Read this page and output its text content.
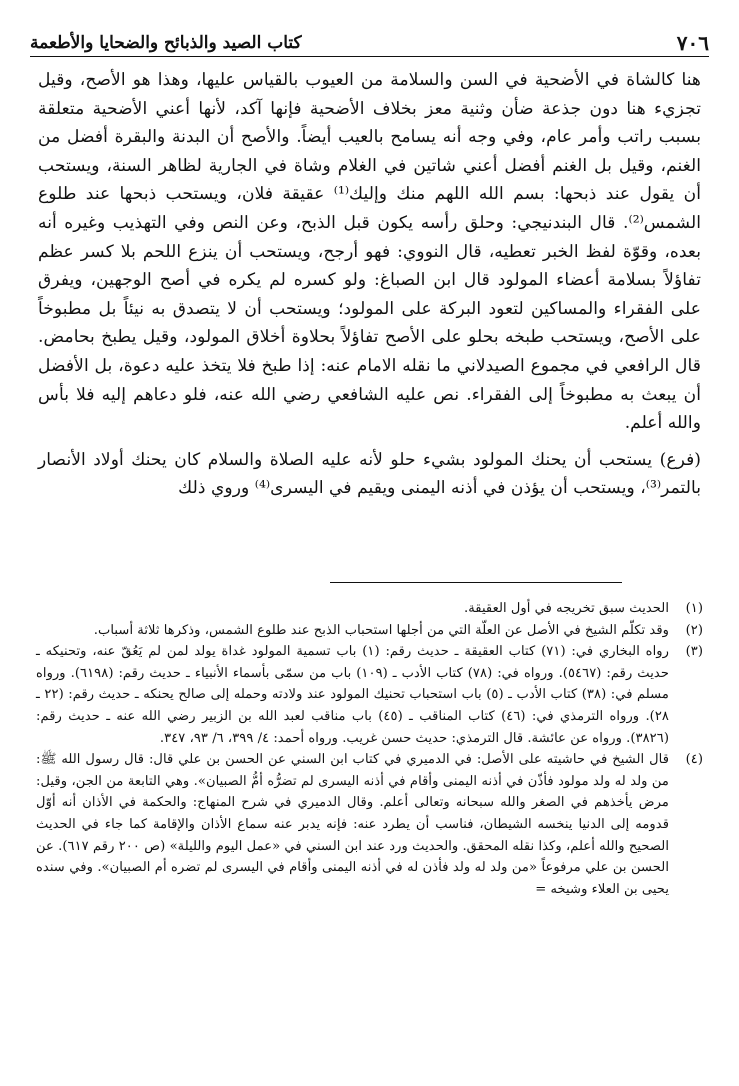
٧٠٦
كتاب الصيد والذبائح والضحايا والأطعمة

هنا كالشاة في الأضحية في السن والسلامة من العيوب بالقياس عليها، وهذا هو الأصح، وقيل تجزيء هنا دون جذعة ضأن وثنية معز بخلاف الأضحية فإنها آكد، لأنها أعني الأضحية متعلقة بسبب راتب وأمر عام، وفي وجه أنه يسامح بالعيب أيضاً. والأصح أن البدنة والبقرة أفضل من الغنم، وقيل بل الغنم أفضل أعني شاتين في الغلام وشاة في الجارية لظاهر السنة، ويستحب أن يقول عند ذبحها: بسم الله اللهم منك وإليك⁽¹⁾ عقيقة فلان، ويستحب ذبحها عند طلوع الشمس⁽²⁾. قال البندنيجي: وحلق رأسه يكون قبل الذبح، وعن النص وفي التهذيب وغيره أنه بعده، وقوّة لفظ الخبر تعطيه، قال النووي: فهو أرجح، ويستحب أن ينزع اللحم بلا كسر عظم تفاؤلاً بسلامة أعضاء المولود قال ابن الصباغ: ولو كسره لم يكره في أصح الوجهين، ويفرق على الفقراء والمساكين لتعود البركة على المولود؛ ويستحب أن لا يتصدق به نيئاً بل مطبوخاً على الأصح، ويستحب طبخه بحلو على الأصح تفاؤلاً بحلاوة أخلاق المولود، وقيل يطبخ بحامض. قال الرافعي في مجموع الصيدلاني ما نقله الامام عنه: إذا طبخ فلا يتخذ عليه دعوة، بل الأفضل أن يبعث به مطبوخاً إلى الفقراء. نص عليه الشافعي رضي الله عنه، فلو دعاهم إليه فلا بأس والله أعلم.

(فرع) يستحب أن يحنك المولود بشيء حلو لأنه عليه الصلاة والسلام كان يحنك أولاد الأنصار بالتمر⁽³⁾، ويستحب أن يؤذن في أذنه اليمنى ويقيم في اليسرى⁽⁴⁾ وروي ذلك

(١)
الحديث سبق تخريجه في أول العقيقة.
(٢)
وقد تكلّم الشيخ في الأصل عن العلّة التي من أجلها استحباب الذبح عند طلوع الشمس، وذكرها ثلاثة أسباب.
(٣)
رواه البخاري في: (٧١) كتاب العقيقة ـ حديث رقم: (١) باب تسمية المولود غداة يولد لمن لم يَعُقّ عنه، وتحنيكه ـ حديث رقم: (٥٤٦٧). ورواه في: (٧٨) كتاب الأدب ـ (١٠٩) باب من سمّى بأسماء الأنبياء ـ حديث رقم: (٦١٩٨). ورواه مسلم في: (٣٨) كتاب الأدب ـ (٥) باب استحباب تحنيك المولود عند ولادته وحمله إلى صالح يحنكه ـ حديث رقم: (٢٢ ـ ٢٨). ورواه الترمذي في: (٤٦) كتاب المناقب ـ (٤٥) باب مناقب لعبد الله بن الزبير رضي الله عنه ـ حديث رقم: (٣٨٢٦). ورواه عن عائشة. قال الترمذي: حديث حسن غريب. ورواه أحمد: ٤/ ٣٩٩، ٦/ ٩٣، ٣٤٧.
(٤)
قال الشيخ في حاشيته على الأصل: في الدميري في كتاب ابن السني عن الحسن بن علي قال: قال رسول الله ﷺ: من ولد له ولد مولود فأذّن في أذنه اليمنى وأقام في أذنه اليسرى لم تضرُّه أمُّ الصبيان». وهي التابعة من الجن، وقيل: مرض يأخذهم في الصغر والله سبحانه وتعالى أعلم. وقال الدميري في شرح المنهاج: والحكمة في الأذان أنه أوّل قدومه إلى الدنيا ينخسه الشيطان، فناسب أن يطرد عنه: فإنه يدبر عنه سماع الأذان والإقامة كما جاء في الحديث الصحيح والله أعلم، وكذا نقله المحقق. والحديث ورد عند ابن السني في «عمل اليوم والليلة» (ص ٢٠٠ رقم ٦١٧). عن الحسن بن علي مرفوعاً «من ولد له ولد فأذن له في أذنه اليمنى وأقام في اليسرى لم تضره أم الصبيان». وفي سنده يحيى بن العلاء وشيخه =
